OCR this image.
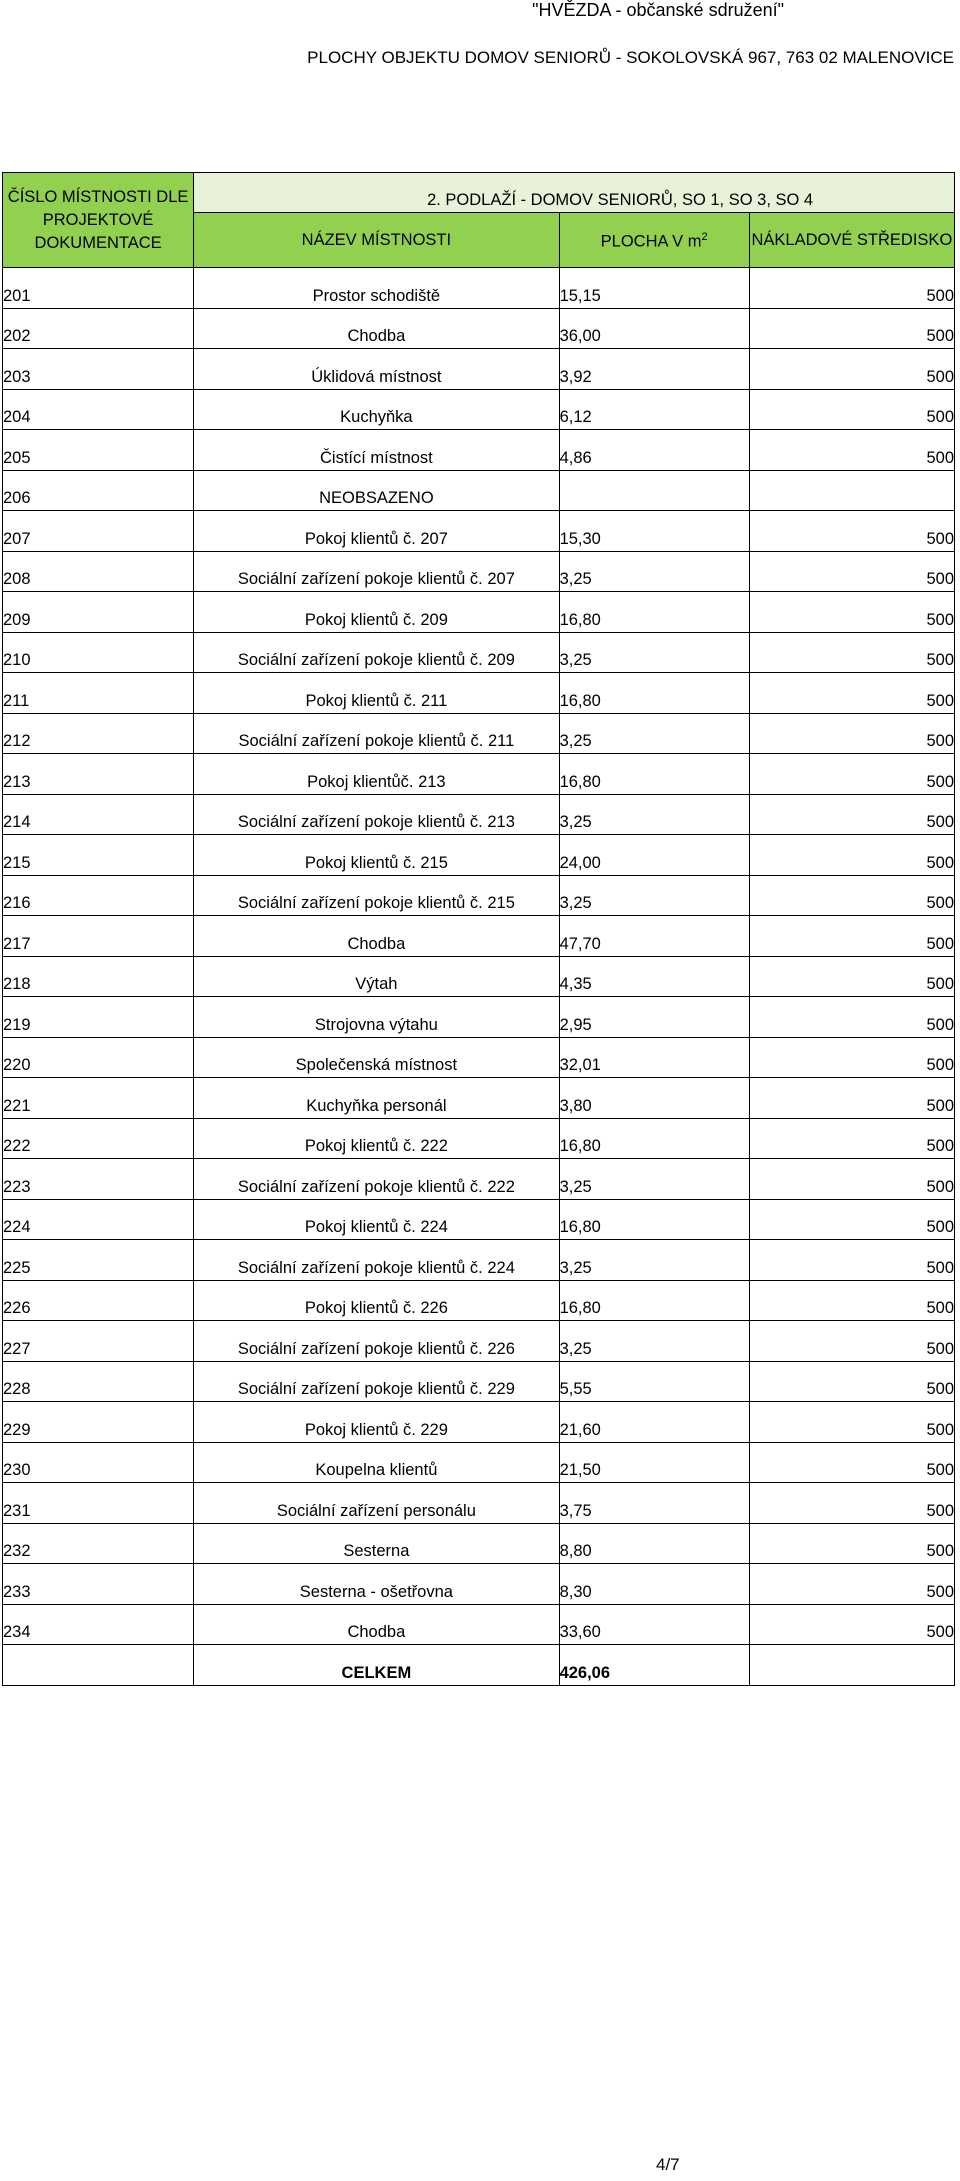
"HVĚZDA - občanské sdružení"
PLOCHY OBJEKTU DOMOV SENIORŮ - SOKOLOVSKÁ 967, 763 02 MALENOVICE
ČÍSLO MÍSTNOSTI DLE PROJEKTOVÉ DOKUMENTACE	2. PODLAŽÍ - DOMOV SENIORŮ, SO 1, SO 3, SO 4		
	NÁZEV MÍSTNOSTI	PLOCHA V $m^2$	NÁKLADOVÉ STŘEDISKO
201	Prostor schodiště	15,15	500
202	Chodba	36,00	500
203	Úklidová místnost	3,92	500
204	Kuchyňka	6,12	500
205	Čistící místnost	4,86	500
206	NEOBSAZENO		
207	Pokoj klientů č. 207	15,30	500
208	Sociální zařízení pokoje klientů č. 207	3,25	500
209	Pokoj klientů č. 209	16,80	500
210	Sociální zařízení pokoje klientů č. 209	3,25	500
211	Pokoj klientů č. 211	16,80	500
212	Sociální zařízení pokoje klientů č. 211	3,25	500
213	Pokoj klientůč. 213	16,80	500
214	Sociální zařízení pokoje klientů č. 213	3,25	500
215	Pokoj klientů č. 215	24,00	500
216	Sociální zařízení pokoje klientů č. 215	3,25	500
217	Chodba	47,70	500
218	Výtah	4,35	500
219	Strojovna výtahu	2,95	500
220	Společenská místnost	32,01	500
221	Kuchyňka personál	3,80	500
222	Pokoj klientů č. 222	16,80	500
223	Sociální zařízení pokoje klientů č. 222	3,25	500
224	Pokoj klientů č. 224	16,80	500
225	Sociální zařízení pokoje klientů č. 224	3,25	500
226	Pokoj klientů č. 226	16,80	500
227	Sociální zařízení pokoje klientů č. 226	3,25	500
228	Sociální zařízení pokoje klientů č. 229	5,55	500
229	Pokoj klientů č. 229	21,60	500
230	Koupelna klientů	21,50	500
231	Sociální zařízení personálu	3,75	500
232	Sesterna	8,80	500
233	Sesterna - ošetřovna	8,30	500
234	Chodba	33,60	500
	CELKEM	426,06	
4/7
